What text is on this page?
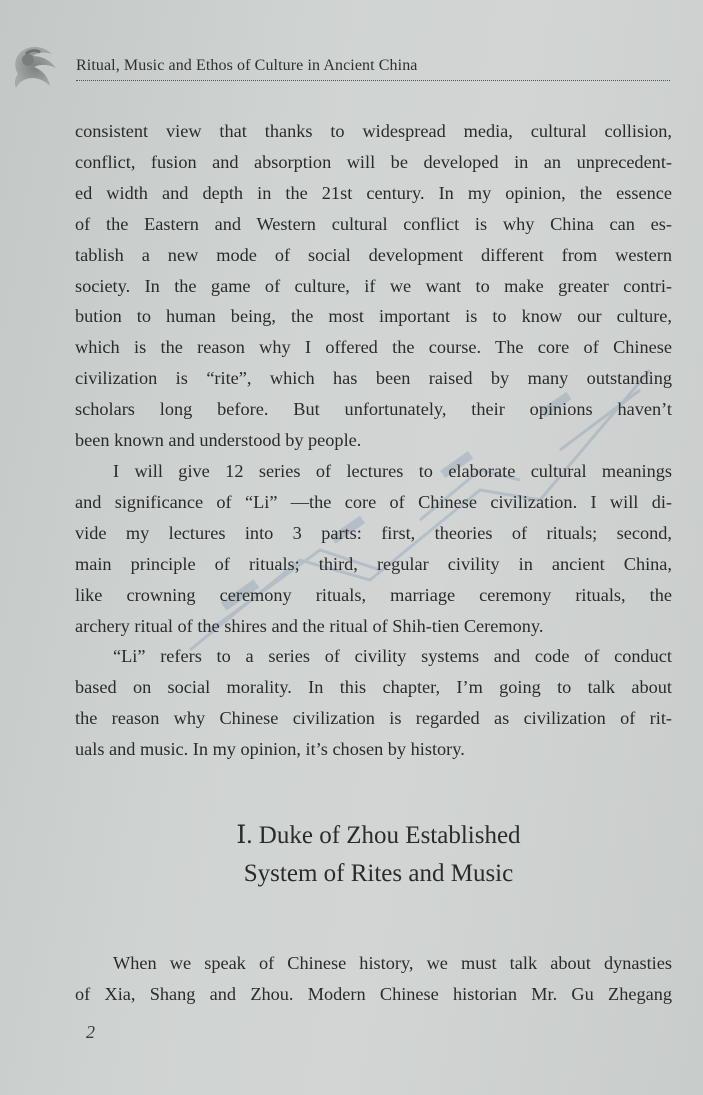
Ritual, Music and Ethos of Culture in Ancient China

consistent view that thanks to widespread media, cultural collision,
conflict, fusion and absorption will be developed in an unprecedent-
ed width and depth in the 21st century. In my opinion, the essence
of the Eastern and Western cultural conflict is why China can es-
tablish a new mode of social development different from western
society. In the game of culture, if we want to make greater contri-
bution to human being, the most important is to know our culture,
which is the reason why I offered the course. The core of Chinese
civilization is “rite”, which has been raised by many outstanding
scholars long before. But unfortunately, their opinions haven’t
been known and understood by people.

I will give 12 series of lectures to elaborate cultural meanings
and significance of “Li” —the core of Chinese civilization. I will di-
vide my lectures into 3 parts: first, theories of rituals; second,
main principle of rituals; third, regular civility in ancient China,
like crowning ceremony rituals, marriage ceremony rituals, the
archery ritual of the shires and the ritual of Shih-tien Ceremony.

“Li” refers to a series of civility systems and code of conduct
based on social morality. In this chapter, I’m going to talk about
the reason why Chinese civilization is regarded as civilization of rit-
uals and music. In my opinion, it’s chosen by history.

Ⅰ. Duke of Zhou Established
System of Rites and Music

When we speak of Chinese history, we must talk about dynasties
of Xia, Shang and Zhou. Modern Chinese historian Mr. Gu Zhegang

2
